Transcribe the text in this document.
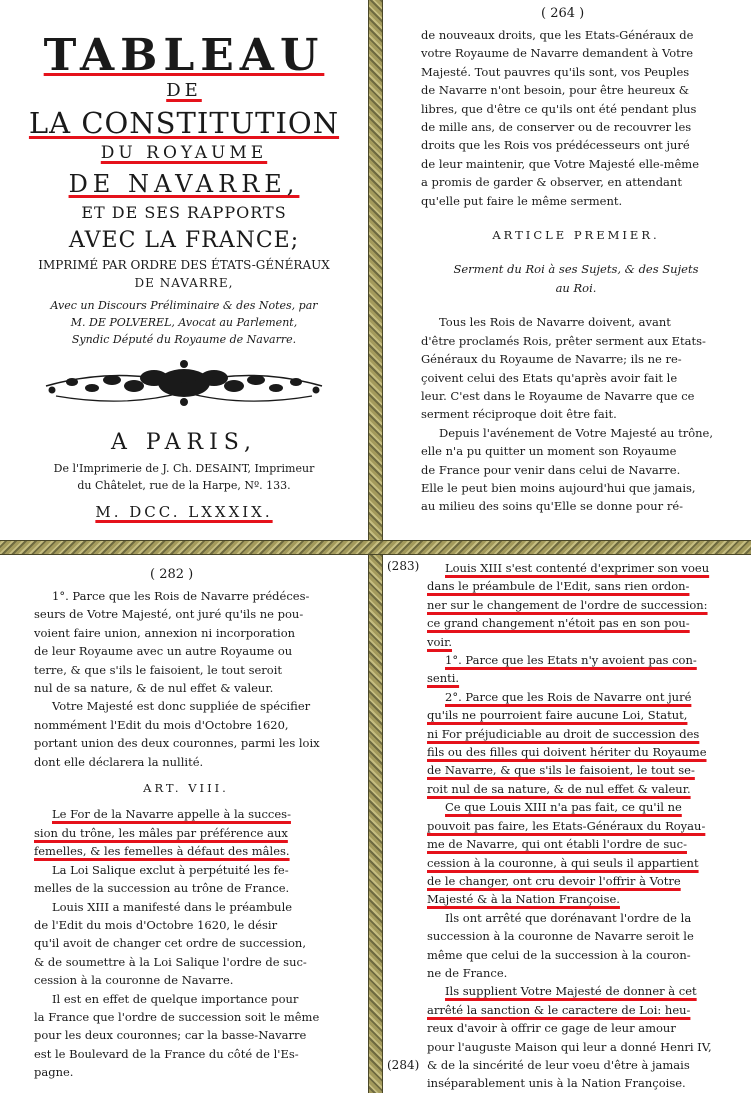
TABLEAU
DE
LA CONSTITUTION
DU ROYAUME
DE NAVARRE,
ET DE SES RAPPORTS
AVEC LA FRANCE;
IMPRIMÉ PAR ORDRE DES ÉTATS-GÉNÉRAUX
DE NAVARRE,
Avec un Discours Préliminaire & des Notes, par
M. DE POLVEREL, Avocat au Parlement,
Syndic Député du Royaume de Navarre.
A PARIS,
De l'Imprimerie de J. Ch. DESAINT, Imprimeur
du Châtelet, rue de la Harpe, Nº. 133.
M. DCC. LXXXIX.
( 264 )

de nouveaux droits, que les Etats-Généraux de

votre Royaume de Navarre demandent à Votre

Majesté. Tout pauvres qu'ils sont, vos Peuples

de Navarre n'ont besoin, pour être heureux &

libres, que d'être ce qu'ils ont été pendant plus

de mille ans, de conserver ou de recouvrer les

droits que les Rois vos prédécesseurs ont juré

de leur maintenir, que Votre Majesté elle-même

a promis de garder & observer, en attendant

qu'elle put faire le même serment.

ARTICLE PREMIER.

Serment du Roi à ses Sujets, & des Sujets

au Roi.

Tous les Rois de Navarre doivent, avant

d'être proclamés Rois, prêter serment aux Etats-

Généraux du Royaume de Navarre; ils ne re-

çoivent celui des Etats qu'après avoir fait le

leur. C'est dans le Royaume de Navarre que ce

serment réciproque doit être fait.

Depuis l'avénement de Votre Majesté au trône,

elle n'a pu quitter un moment son Royaume

de France pour venir dans celui de Navarre.

Elle le peut bien moins aujourd'hui que jamais,

au milieu des soins qu'Elle se donne pour ré-

( 282 )

1°. Parce que les Rois de Navarre prédéces-

seurs de Votre Majesté, ont juré qu'ils ne pou-

voient faire union, annexion ni incorporation

de leur Royaume avec un autre Royaume ou

terre, & que s'ils le faisoient, le tout seroit

nul de sa nature, & de nul effet & valeur.

Votre Majesté est donc suppliée de spécifier

nommément l'Edit du mois d'Octobre 1620,

portant union des deux couronnes, parmi les loix

dont elle déclarera la nullité.

ART. VIII.

Le For de la Navarre appelle à la succes-

sion du trône, les mâles par préférence aux

femelles, & les femelles à défaut des mâles.

La Loi Salique exclut à perpétuité les fe-

melles de la succession au trône de France.

Louis XIII a manifesté dans le préambule

de l'Edit du mois d'Octobre 1620, le désir

qu'il avoit de changer cet ordre de succession,

& de soumettre à la Loi Salique l'ordre de suc-

cession à la couronne de Navarre.

Il est en effet de quelque importance pour

la France que l'ordre de succession soit le même

pour les deux couronnes; car la basse-Navarre

est le Boulevard de la France du côté de l'Es-

pagne.

(283)	Louis XIII s'est contenté d'exprimer son voeu

dans le préambule de l'Edit, sans rien ordon-

ner sur le changement de l'ordre de succession:

ce grand changement n'étoit pas en son pou-

voir.

1°. Parce que les Etats n'y avoient pas con-

senti.

2°. Parce que les Rois de Navarre ont juré

qu'ils ne pourroient faire aucune Loi, Statut,

ni For préjudiciable au droit de succession des

fils ou des filles qui doivent hériter du Royaume

de Navarre, & que s'ils le faisoient, le tout se-

roit nul de sa nature, & de nul effet & valeur.

Ce que Louis XIII n'a pas fait, ce qu'il ne

pouvoit pas faire, les Etats-Généraux du Royau-

me de Navarre, qui ont établi l'ordre de suc-

cession à la couronne, à qui seuls il appartient

de le changer, ont cru devoir l'offrir à Votre

Majesté & à la Nation Françoise.

Ils ont arrêté que dorénavant l'ordre de la

succession à la couronne de Navarre seroit le

même que celui de la succession à la couron-

ne de France.

Ils supplient Votre Majesté de donner à cet

arrêté la sanction & le caractere de Loi: heu-

reux d'avoir à offrir ce gage de leur amour

pour l'auguste Maison qui leur a donné Henri IV,

& de la sincérité de leur voeu d'être à jamais

inséparablement unis à la Nation Françoise.

(284)
